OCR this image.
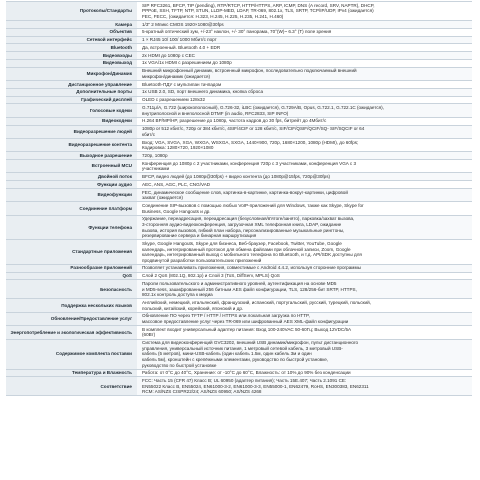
Протоколы/Стандарты	SIP RFC3261, BFCP, TIP (pending), RTP/RTCP, HTTP/HTTPS, ARP, ICMP, DNS (A record, SRV, NAPTR), DHCP,
PPPoE, SSH, TFTP, NTP, STUN, LLDP-MED, LDAP, TR-069, 802.1x, TLS, SRTP, TCP/IP/UDP, IPv4 (ожидается)
FEC, FECC, (ожидается: H.323, H.245, H.225, H.235, H.241, H.460)

Камера	1/3" 2 Мпикс CMOS 1920×1080@30fps

Объектив	5-кратный оптический зум, +/-23° наклон, +/- 30° панорама, 70°(W)~ 6.3° (T) поле зрения

Сетевой интерфейс	1 × RJ45 10/ 100/ 1000 Мбит/с порт

Bluetooth	Да, встроенный. Bluetooth 4.0 + EDR

Видеовходы	2x HDMI до 1080p с CEC

Видеовыход	1x VGA/1x HDMI с разрешением до 1080p

Микрофон/Динамик	Внешний микрофонный динамик, встроенный микрофон, последовательно подключаемый внешний
микрофон/динамик (ожидается)

Дистанционное управление	Bluetooth-ПДУ с мультипан тачпадом

Дополнительные порты	1x USB 2.0, SD, порт внешнего динамика, кнопка сброса

Графический дисплей	OLED с разрешением 128x32

Голосовые кодеки	G.711μ/A, G.722 (широкополосный), G.726-32, iLBC (ожидается), G.729A/B, Opus, G.722.1, G.722.1C (ожидается),
внутриполосной и внеполосной DTMF (in audio, RFC2833, SIP INFO)

Видеокодеки	H.264 BP/MP/HP, разрешение до 1080p, частота кадров до 30 fps, битрейт до 4Мбит/с

Видеоразрешение людей	1080p or 512 кбит/с, 720p or 384 кбит/с, 4SIF/4CIF or 128 кбит/с, SIF/CIF/QSIF/QCIF/SQ- SIF/SQCIF or 64
кбит/с

Видеоразрешение контента	Вход: VGA, SVGA, XGA, WXGA, WSXGA, SXGA, 1440×900, 720p, 1680×1200, 1080p (HDMI), до 60fps;
Кодировка: 1280×720, 1920×1080

Выходное разрешение	720p, 1080p

Встроенный MCU	Конференция до 1080p с 2 участниками, конференция 720p с 3 участниками, конференция VGA с 3
участниками

Двойной поток	BFCP, видео людей (до 1080p@30fps) + видео контента (до 1080p@15fps, 720p@30fps)

Функции аудио	AEC, ANS, AGC, PLC, CNG/VAD

Видеофункции	FEC, динамическое сообщение слов, картинка-в-картинке, картинка-вокруг-картинки, цифровой
захват (ожидается)

Соединение платформ	Соединение SIP-вызовов с помощью любых VoIP-приложений для Windows, также как Skype, Skype for
Business, Google Hangouts и др.

Функции телефона	Удержание, переадресация, переадресация (безусловная/в'ятоге/занято), парковка/захват вызова,
3-сторонняя аудио-видеоконференция, загрузочная XML телефонная книга, LDAP, ожидание
вызова, история вызовов, гибкий план набора, персонализированные музыкальные рингтоны,
резервирование сервера и бинарная маршрутизация

Стандартные приложения	Skype, Google Hangouts, Skype для бизнеса, Веб-браузер, Facebook, Twitter, YouTube, Google
календарь, интегрированный протокол для обмена файлами при облачной записи, Zoom, Google
календарь, интегрированный выход с мобильного телефона по Bluetooth, и т.д. API/SDK доступны для
продвинутой разработки пользовательских приложений

Разнообразие приложений	Позволяет устанавливать приложения, совместимые с Android 4.4.2, используя сторонние программы

QoS	Слой 2 QoS (802.1Q, 802.1p) и Слой 3 (ToS, DiffServ, MPLS) QoS

Безопасность	Пароли пользовательского и административного уровней, аутентификация на основе MD5
и MD5-sess, зашифрованный 256 битным AES файл конфигурации, TLS, 128/256-бит SRTP, HTTPS,
802.1x контроль доступа к медиа

Поддержка нескольких языков	Английский, немецкий, итальянский, французский, испанский, португальский, русский, турецкий, польский,
польский, китайский, корейский, японский и др.

Обновление/Предоставление услуг	Обновление ПО через TFTP / HTTP / HTTPS или локальная загрузка по HTTP,
массовое предоставление услуг через TR-069 или шифрованный AES XML-файл конфигурации

Энергопотребление и экологическая эффективность	В комплект входит универсальный адаптер питания: Вход 100-240VAC 50-60Гц; Выход 12VDC/5A
(60Вт)

Содержимое комплекта поставки	Система для видеоконференций GVC3202, внешний USB динамик/микрофон, пульт дистанционного
управления, универсальный источник питания, 1 метровый сетевой кабель, 3 метровый USB-
кабель (5 метров), мини-USB-кабель (один кабель 1.5м, один кабель 3м и один
кабель 5м), кронштейн с крепёжными элементами, руководство по быстрой установке,
руководство по быстрой установке

Температура и Влажность	Работа: от 0°C до 40°C, Хранение: от -10°C до 60°C, Влажность: от 10% до 90% без конденсации

Соответствие	FCC: Часть 15 (CFR 47) Класс B; UL 60950 (адаптер питания); Часть 15E.407; Часть 2.1091 CE:
EN55022 Класс B, EN55024, EN61000-3-2, EN61000-3-3, EN55000-1, EN62479, RoHS, EN300383, EN62311
RCM: AS/NZS CISPR22/24; AS/NZS 60950; AS/NZS 4268
